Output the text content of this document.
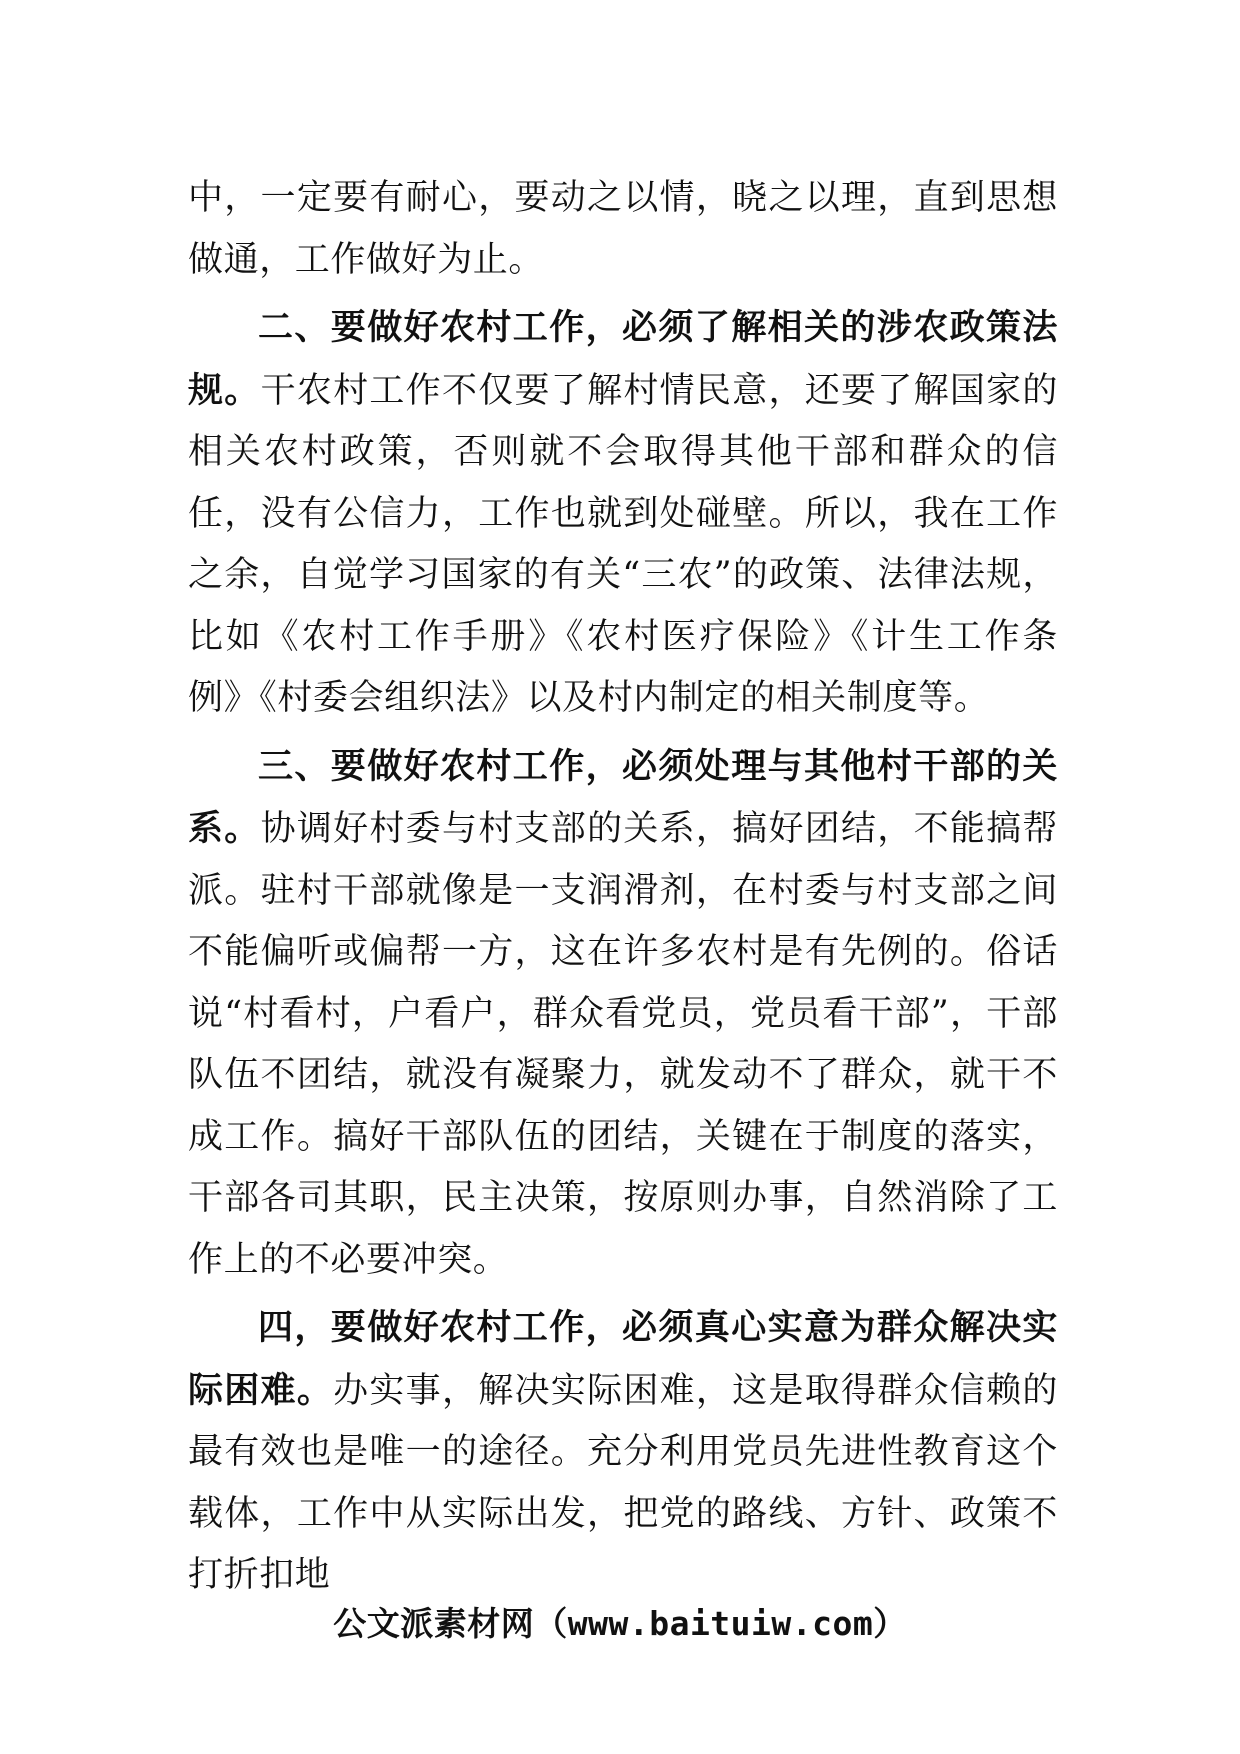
中，一定要有耐心，要动之以情，晓之以理，直到思想做通，工作做好为止。

二、要做好农村工作，必须了解相关的涉农政策法规。干农村工作不仅要了解村情民意，还要了解国家的相关农村政策，否则就不会取得其他干部和群众的信任，没有公信力，工作也就到处碰壁。所以，我在工作之余，自觉学习国家的有关“三农”的政策、法律法规，比如《农村工作手册》《农村医疗保险》《计生工作条例》《村委会组织法》以及村内制定的相关制度等。

三、要做好农村工作，必须处理与其他村干部的关系。协调好村委与村支部的关系，搞好团结，不能搞帮派。驻村干部就像是一支润滑剂，在村委与村支部之间不能偏听或偏帮一方，这在许多农村是有先例的。俗话说“村看村，户看户，群众看党员，党员看干部”，干部队伍不团结，就没有凝聚力，就发动不了群众，就干不成工作。搞好干部队伍的团结，关键在于制度的落实，干部各司其职，民主决策，按原则办事，自然消除了工作上的不必要冲突。

四，要做好农村工作，必须真心实意为群众解决实际困难。办实事，解决实际困难，这是取得群众信赖的最有效也是唯一的途径。充分利用党员先进性教育这个载体，工作中从实际出发，把党的路线、方针、政策不打折扣地

公文派素材网（www.baituiw.com）
